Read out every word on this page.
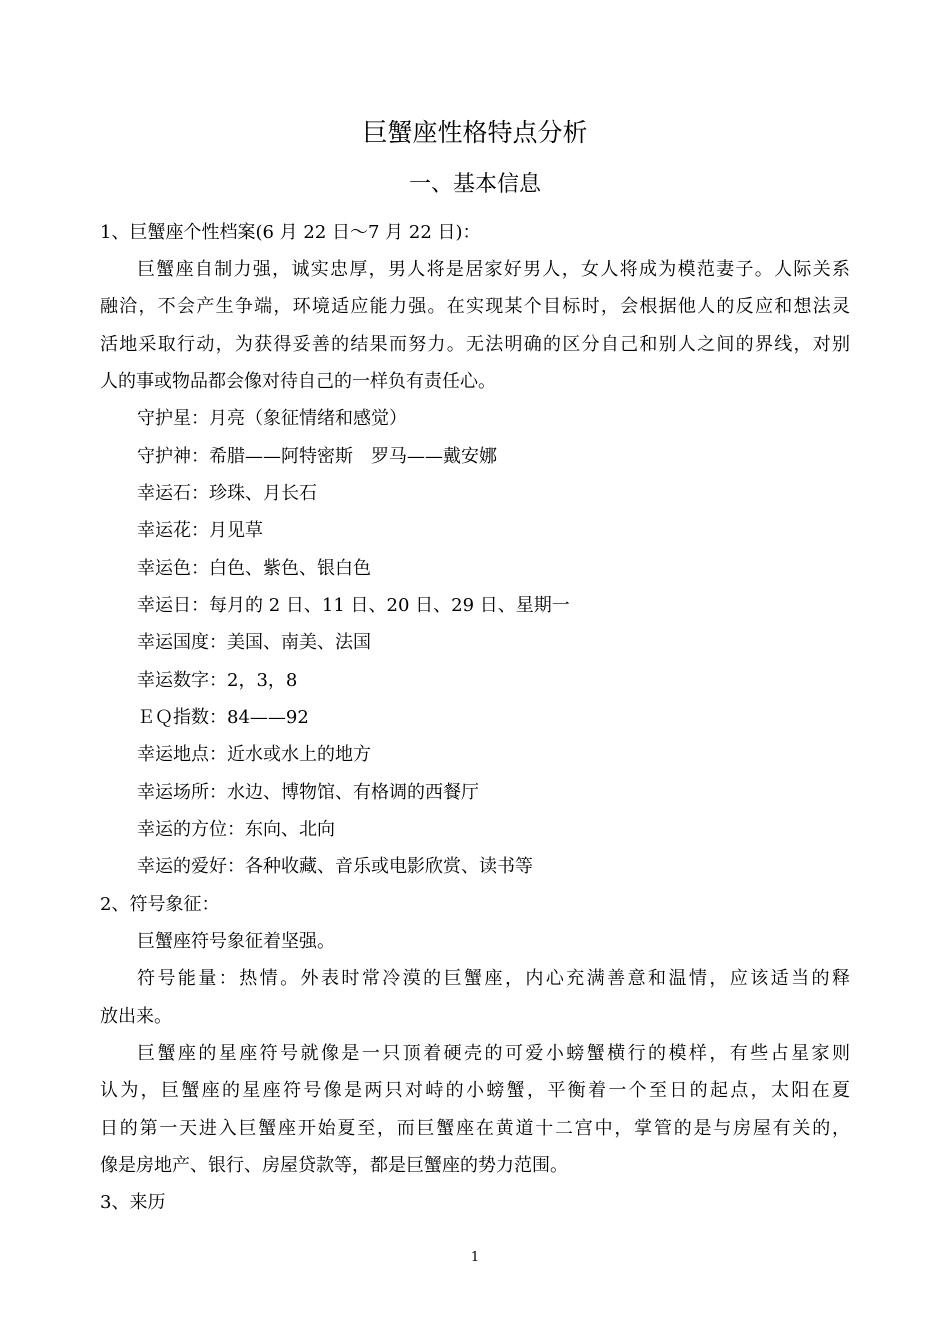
巨蟹座性格特点分析
一、基本信息
1、巨蟹座个性档案(6 月 22 日～7 月 22 日)：
巨蟹座自制力强，诚实忠厚，男人将是居家好男人，女人将成为模范妻子。人际关系
融洽，不会产生争端，环境适应能力强。在实现某个目标时，会根据他人的反应和想法灵
活地采取行动，为获得妥善的结果而努力。无法明确的区分自己和别人之间的界线，对别
人的事或物品都会像对待自己的一样负有责任心。
守护星：月亮（象征情绪和感觉）
守护神：希腊——阿特密斯　罗马——戴安娜
幸运石：珍珠、月长石
幸运花：月见草
幸运色：白色、紫色、银白色
幸运日：每月的 2 日、11 日、20 日、29 日、星期一
幸运国度：美国、南美、法国
幸运数字：2，3，8
ＥＱ指数：84——92
幸运地点：近水或水上的地方
幸运场所：水边、博物馆、有格调的西餐厅
幸运的方位：东向、北向
幸运的爱好：各种收藏、音乐或电影欣赏、读书等
2、符号象征：
巨蟹座符号象征着坚强。
符号能量：热情。外表时常冷漠的巨蟹座，内心充满善意和温情，应该适当的释
放出来。
巨蟹座的星座符号就像是一只顶着硬壳的可爱小螃蟹横行的模样，有些占星家则
认为，巨蟹座的星座符号像是两只对峙的小螃蟹，平衡着一个至日的起点，太阳在夏
日的第一天进入巨蟹座开始夏至，而巨蟹座在黄道十二宫中，掌管的是与房屋有关的，
像是房地产、银行、房屋贷款等，都是巨蟹座的势力范围。
3、来历
1
